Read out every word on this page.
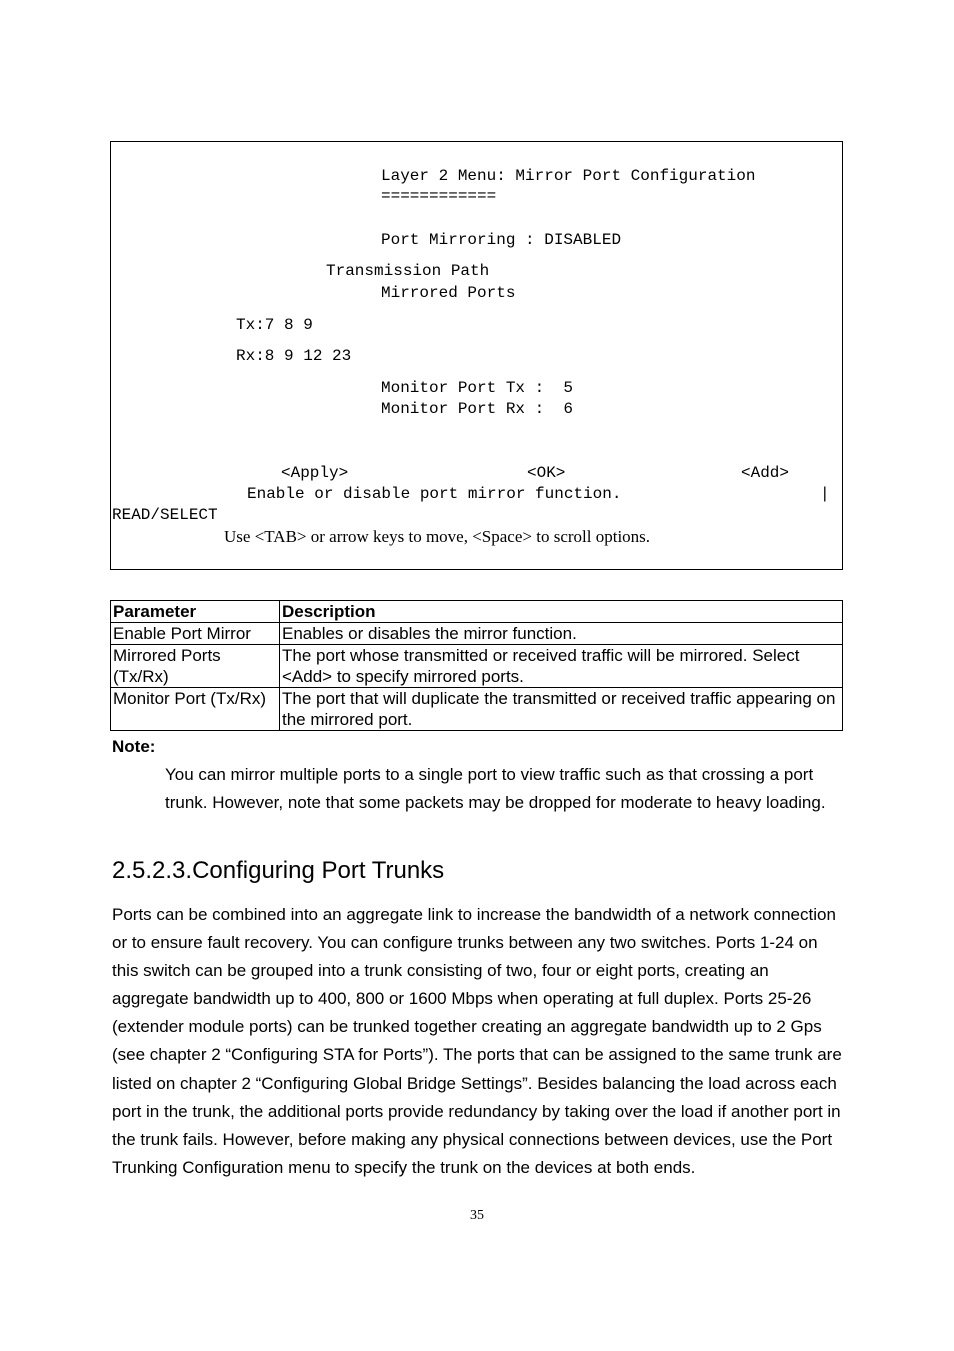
Layer 2 Menu: Mirror Port Configuration
============
Port Mirroring : DISABLED
Transmission Path
Mirrored Ports
Tx:7 8 9
Rx:8 9 12 23
Monitor Port Tx :  5
Monitor Port Rx :  6
<Apply>	<OK>	<Add>
Enable or disable port mirror function.	|
READ/SELECT
Use <TAB> or arrow keys to move, <Space> to scroll options.
Parameter	Description
Enable Port Mirror	Enables or disables the mirror function.
Mirrored Ports (Tx/Rx)	The port whose transmitted or received traffic will be mirrored. Select <Add> to specify mirrored ports.
Monitor Port (Tx/Rx)	The port that will duplicate the transmitted or received traffic appearing on the mirrored port.
Note:
You can mirror multiple ports to a single port to view traffic such as that crossing a port trunk. However, note that some packets may be dropped for moderate to heavy loading.
2.5.2.3.Configuring Port Trunks

Ports can be combined into an aggregate link to increase the bandwidth of a network connection or to ensure fault recovery. You can configure trunks between any two switches. Ports 1-24 on this switch can be grouped into a trunk consisting of two, four or eight ports, creating an aggregate bandwidth up to 400, 800 or 1600 Mbps when operating at full duplex. Ports 25-26 (extender module ports) can be trunked together creating an aggregate bandwidth up to 2 Gps (see chapter 2 “Configuring STA for Ports”). The ports that can be assigned to the same trunk are listed on chapter 2 “Configuring Global Bridge Settings”. Besides balancing the load across each port in the trunk, the additional ports provide redundancy by taking over the load if another port in the trunk fails. However, before making any physical connections between devices, use the Port Trunking Configuration menu to specify the trunk on the devices at both ends.

35
